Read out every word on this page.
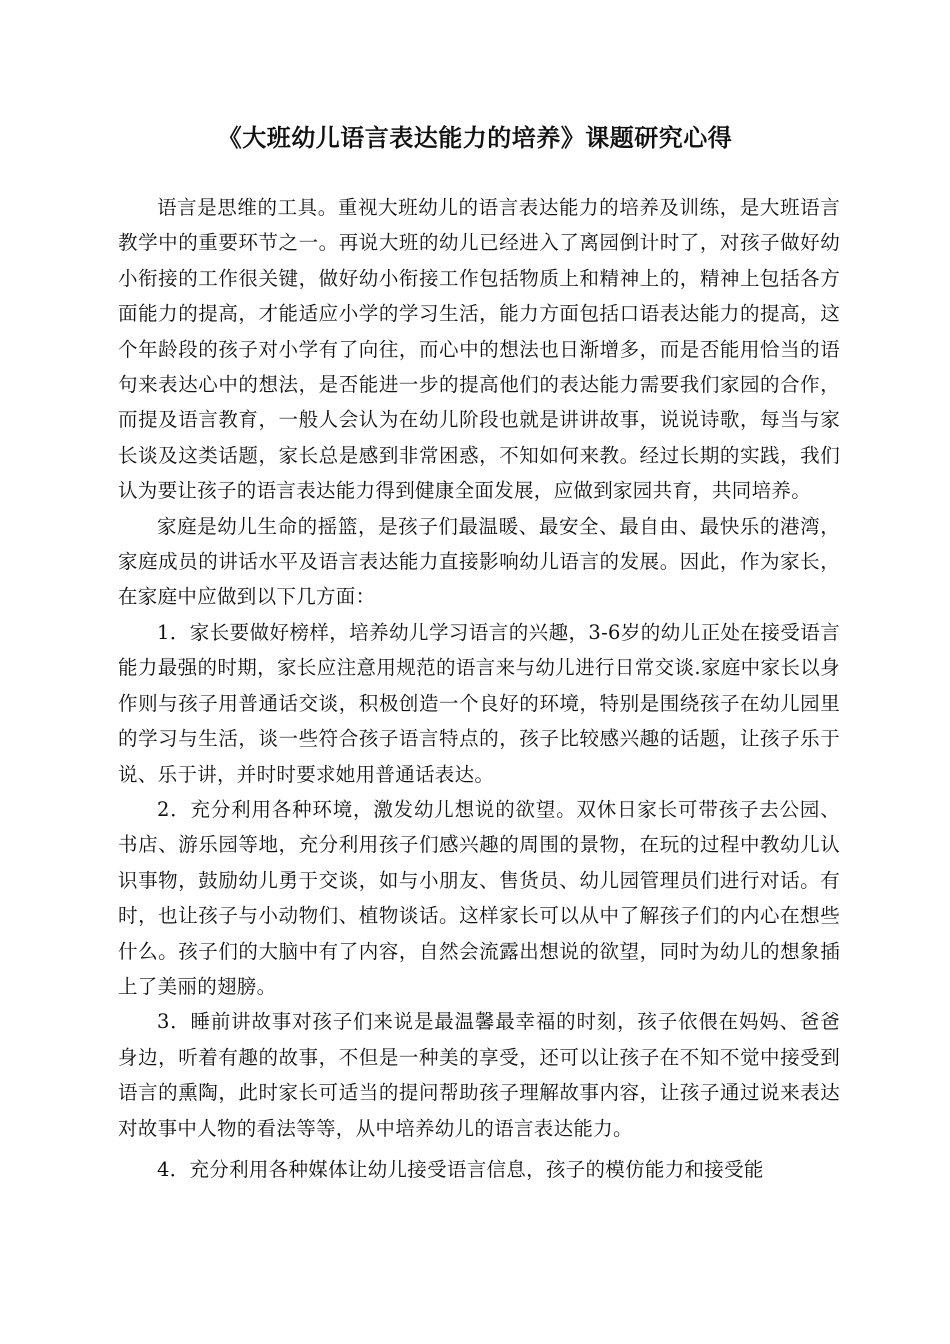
《大班幼儿语言表达能力的培养》课题研究心得

语言是思维的工具。重视大班幼儿的语言表达能力的培养及训练，是大班语言教学中的重要环节之一。再说大班的幼儿已经进入了离园倒计时了，对孩子做好幼小衔接的工作很关键，做好幼小衔接工作包括物质上和精神上的，精神上包括各方面能力的提高，才能适应小学的学习生活，能力方面包括口语表达能力的提高，这个年龄段的孩子对小学有了向往，而心中的想法也日渐增多，而是否能用恰当的语句来表达心中的想法，是否能进一步的提高他们的表达能力需要我们家园的合作，而提及语言教育，一般人会认为在幼儿阶段也就是讲讲故事，说说诗歌，每当与家长谈及这类话题，家长总是感到非常困惑，不知如何来教。经过长期的实践，我们认为要让孩子的语言表达能力得到健康全面发展，应做到家园共育，共同培养。

家庭是幼儿生命的摇篮，是孩子们最温暖、最安全、最自由、最快乐的港湾，家庭成员的讲话水平及语言表达能力直接影响幼儿语言的发展。因此，作为家长，在家庭中应做到以下几方面：

1．家长要做好榜样，培养幼儿学习语言的兴趣，3-6岁的幼儿正处在接受语言能力最强的时期，家长应注意用规范的语言来与幼儿进行日常交谈.家庭中家长以身作则与孩子用普通话交谈，积极创造一个良好的环境，特别是围绕孩子在幼儿园里的学习与生活，谈一些符合孩子语言特点的，孩子比较感兴趣的话题，让孩子乐于说、乐于讲，并时时要求她用普通话表达。

2．充分利用各种环境，激发幼儿想说的欲望。双休日家长可带孩子去公园、书店、游乐园等地，充分利用孩子们感兴趣的周围的景物，在玩的过程中教幼儿认识事物，鼓励幼儿勇于交谈，如与小朋友、售货员、幼儿园管理员们进行对话。有时，也让孩子与小动物们、植物谈话。这样家长可以从中了解孩子们的内心在想些什么。孩子们的大脑中有了内容，自然会流露出想说的欲望，同时为幼儿的想象插上了美丽的翅膀。

3．睡前讲故事对孩子们来说是最温馨最幸福的时刻，孩子依偎在妈妈、爸爸身边，听着有趣的故事，不但是一种美的享受，还可以让孩子在不知不觉中接受到语言的熏陶，此时家长可适当的提问帮助孩子理解故事内容，让孩子通过说来表达对故事中人物的看法等等，从中培养幼儿的语言表达能力。

4．充分利用各种媒体让幼儿接受语言信息，孩子的模仿能力和接受能
